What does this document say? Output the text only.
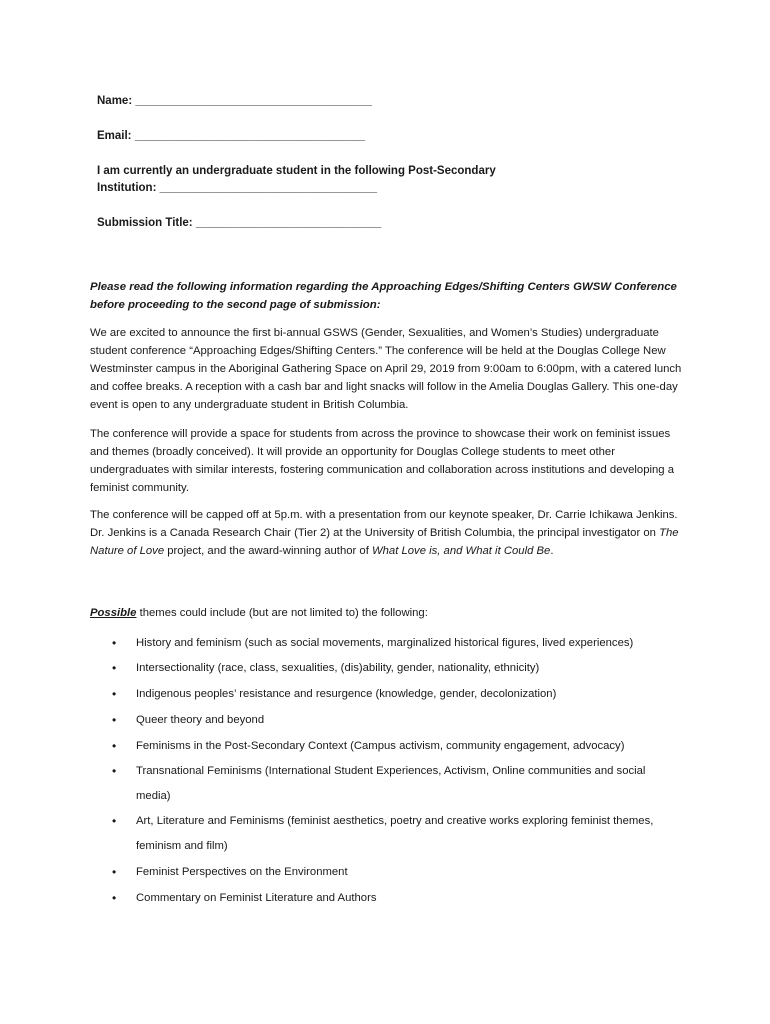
Name: _____________________________________
Email: ____________________________________
I am currently an undergraduate student in the following Post-Secondary
Institution: __________________________________
Submission Title: _____________________________
Please read the following information regarding the Approaching Edges/Shifting Centers GWSW Conference before proceeding to the second page of submission:
We are excited to announce the first bi-annual GSWS (Gender, Sexualities, and Women’s Studies) undergraduate student conference “Approaching Edges/Shifting Centers.” The conference will be held at the Douglas College New Westminster campus in the Aboriginal Gathering Space on April 29, 2019 from 9:00am to 6:00pm, with a catered lunch and coffee breaks. A reception with a cash bar and light snacks will follow in the Amelia Douglas Gallery. This one-day event is open to any undergraduate student in British Columbia.
The conference will provide a space for students from across the province to showcase their work on feminist issues and themes (broadly conceived). It will provide an opportunity for Douglas College students to meet other undergraduates with similar interests, fostering communication and collaboration across institutions and developing a feminist community.
The conference will be capped off at 5p.m. with a presentation from our keynote speaker, Dr. Carrie Ichikawa Jenkins. Dr. Jenkins is a Canada Research Chair (Tier 2) at the University of British Columbia, the principal investigator on The Nature of Love project, and the award-winning author of What Love is, and What it Could Be.
Possible themes could include (but are not limited to) the following:
• History and feminism (such as social movements, marginalized historical figures, lived experiences)
• Intersectionality (race, class, sexualities, (dis)ability, gender, nationality, ethnicity)
• Indigenous peoples’ resistance and resurgence (knowledge, gender, decolonization)
• Queer theory and beyond
• Feminisms in the Post-Secondary Context (Campus activism, community engagement, advocacy)
• Transnational Feminisms (International Student Experiences, Activism, Online communities and social media)
• Art, Literature and Feminisms (feminist aesthetics, poetry and creative works exploring feminist themes, feminism and film)
• Feminist Perspectives on the Environment
• Commentary on Feminist Literature and Authors
